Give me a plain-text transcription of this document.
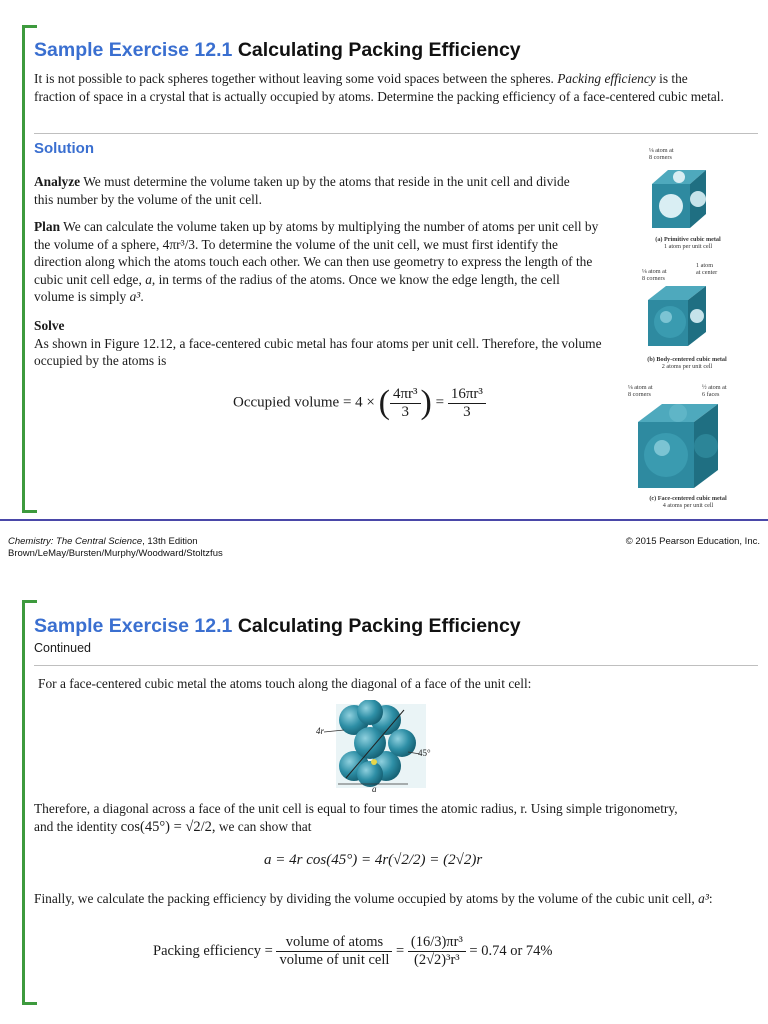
Sample Exercise 12.1 Calculating Packing Efficiency
It is not possible to pack spheres together without leaving some void spaces between the spheres. Packing efficiency is the fraction of space in a crystal that is actually occupied by atoms. Determine the packing efficiency of a face-centered cubic metal.
Solution
Analyze We must determine the volume taken up by the atoms that reside in the unit cell and divide this number by the volume of the unit cell.
Plan We can calculate the volume taken up by atoms by multiplying the number of atoms per unit cell by the volume of a sphere, 4πr³/3. To determine the volume of the unit cell, we must first identify the direction along which the atoms touch each other. We can then use geometry to express the length of the cubic unit cell edge, a, in terms of the radius of the atoms. Once we know the edge length, the cell volume is simply a³.
Solve
As shown in Figure 12.12, a face-centered cubic metal has four atoms per unit cell. Therefore, the volume occupied by the atoms is
Occupied volume = 4 × ( $\frac{\text{4πr³}}{3}$ ) = $\frac{\text{16πr³}}{3}$
⅛ atom at
8 corners
(a) Primitive cubic metal
1 atom per unit cell
⅛ atom at
8 corners
1 atom
at center
(b) Body-centered cubic metal
2 atoms per unit cell
⅛ atom at
8 corners
½ atom at
6 faces
(c) Face-centered cubic metal
4 atoms per unit cell
Chemistry: The Central Science, 13th Edition
Brown/LeMay/Bursten/Murphy/Woodward/Stoltzfus
© 2015 Pearson Education, Inc.
Sample Exercise 12.1 Calculating Packing Efficiency
Continued
For a face-centered cubic metal the atoms touch along the diagonal of a face of the unit cell:
4r
45°
a
Therefore, a diagonal across a face of the unit cell is equal to four times the atomic radius, r. Using simple trigonometry, and the identity cos(45°) = √2/2, we can show that
a = 4r cos(45°) = 4r(√2/2) = (2√2)r
Finally, we calculate the packing efficiency by dividing the volume occupied by atoms by the volume of the cubic unit cell, a³:
Packing efficiency = $\frac{\text{volume of atoms}}{\text{volume of unit cell}} = \frac{\text{(16/3)πr³}}{\text{(2√2)³r³}} = 0.74$ or 74%
